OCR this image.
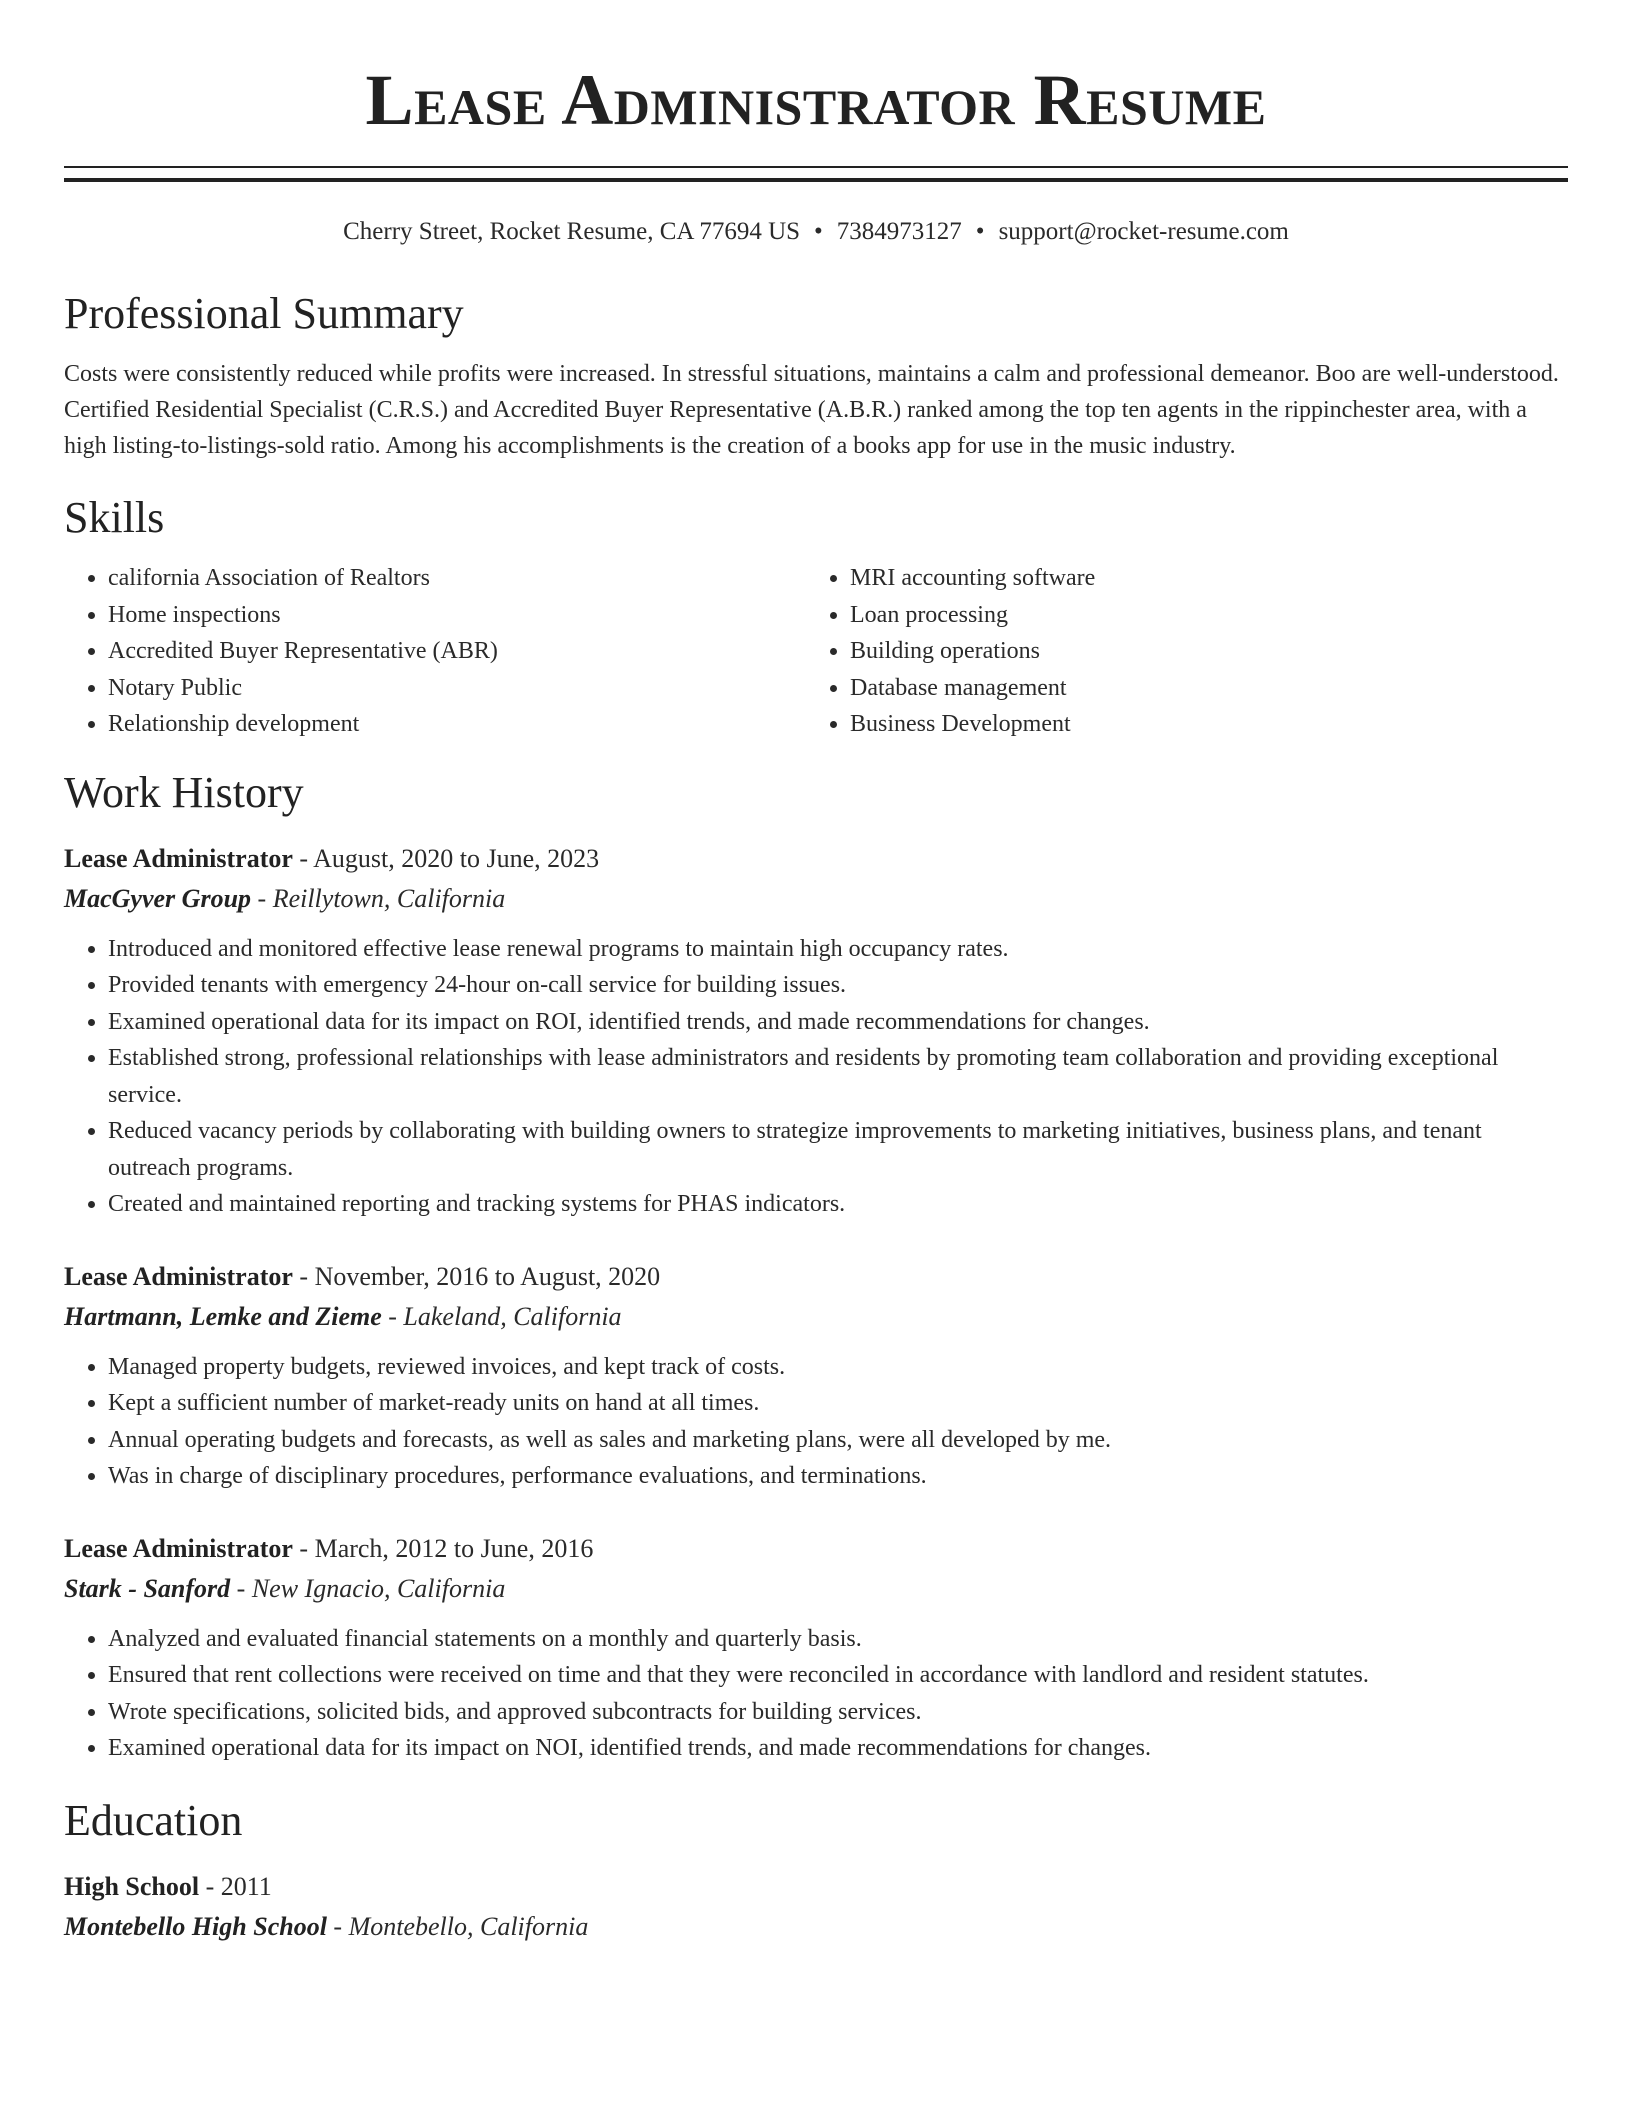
Lease Administrator Resume
Cherry Street, Rocket Resume, CA 77694 US • 7384973127 • support@rocket-resume.com
Professional Summary
Costs were consistently reduced while profits were increased. In stressful situations, maintains a calm and professional demeanor. Boo are well-understood. Certified Residential Specialist (C.R.S.) and Accredited Buyer Representative (A.B.R.) ranked among the top ten agents in the rippinchester area, with a high listing-to-listings-sold ratio. Among his accomplishments is the creation of a books app for use in the music industry.
Skills
• california Association of Realtors
• Home inspections
• Accredited Buyer Representative (ABR)
• Notary Public
• Relationship development
• MRI accounting software
• Loan processing
• Building operations
• Database management
• Business Development
Work History
Lease Administrator - August, 2020 to June, 2023
MacGyver Group - Reillytown, California
• Introduced and monitored effective lease renewal programs to maintain high occupancy rates.
• Provided tenants with emergency 24-hour on-call service for building issues.
• Examined operational data for its impact on ROI, identified trends, and made recommendations for changes.
• Established strong, professional relationships with lease administrators and residents by promoting team collaboration and providing exceptional service.
• Reduced vacancy periods by collaborating with building owners to strategize improvements to marketing initiatives, business plans, and tenant outreach programs.
• Created and maintained reporting and tracking systems for PHAS indicators.
Lease Administrator - November, 2016 to August, 2020
Hartmann, Lemke and Zieme - Lakeland, California
• Managed property budgets, reviewed invoices, and kept track of costs.
• Kept a sufficient number of market-ready units on hand at all times.
• Annual operating budgets and forecasts, as well as sales and marketing plans, were all developed by me.
• Was in charge of disciplinary procedures, performance evaluations, and terminations.
Lease Administrator - March, 2012 to June, 2016
Stark - Sanford - New Ignacio, California
• Analyzed and evaluated financial statements on a monthly and quarterly basis.
• Ensured that rent collections were received on time and that they were reconciled in accordance with landlord and resident statutes.
• Wrote specifications, solicited bids, and approved subcontracts for building services.
• Examined operational data for its impact on NOI, identified trends, and made recommendations for changes.
Education
High School - 2011
Montebello High School - Montebello, California
